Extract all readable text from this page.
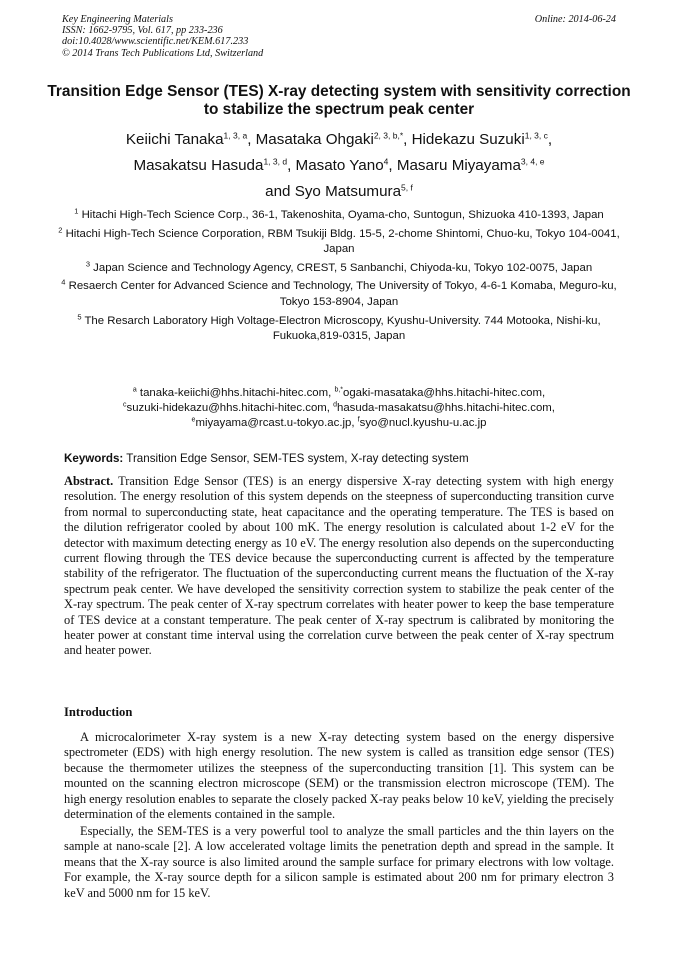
Key Engineering Materials
ISSN: 1662-9795, Vol. 617, pp 233-236
doi:10.4028/www.scientific.net/KEM.617.233
© 2014 Trans Tech Publications Ltd, Switzerland
Online: 2014-06-24
Transition Edge Sensor (TES) X-ray detecting system with sensitivity correction to stabilize the spectrum peak center
Keiichi Tanaka$^{1, 3, a}$, Masataka Ohgaki$^{2, 3, b,*}$, Hidekazu Suzuki$^{1, 3, c}$,
Masakatsu Hasuda$^{1, 3, d}$, Masato Yano$^4$, Masaru Miyayama$^{3, 4, e}$
and Syo Matsumura$^{5, f}$
$^1$ Hitachi High-Tech Science Corp., 36-1, Takenoshita, Oyama-cho, Suntogun, Shizuoka 410-1393, Japan
$^2$ Hitachi High-Tech Science Corporation, RBM Tsukiji Bldg. 15-5, 2-chome Shintomi, Chuo-ku, Tokyo 104-0041, Japan
$^3$ Japan Science and Technology Agency, CREST, 5 Sanbanchi, Chiyoda-ku, Tokyo 102-0075, Japan
$^4$ Resaerch Center for Advanced Science and Technology, The University of Tokyo, 4-6-1 Komaba, Meguro-ku, Tokyo 153-8904, Japan
$^5$ The Resarch Laboratory High Voltage-Electron Microscopy, Kyushu-University. 744 Motooka, Nishi-ku, Fukuoka,819-0315, Japan
$^a$ tanaka-keiichi@hhs.hitachi-hitec.com, $^{b,*}$ogaki-masataka@hhs.hitachi-hitec.com,
$^c$suzuki-hidekazu@hhs.hitachi-hitec.com, $^d$hasuda-masakatsu@hhs.hitachi-hitec.com,
$^e$miyayama@rcast.u-tokyo.ac.jp, $^f$syo@nucl.kyushu-u.ac.jp
Keywords: Transition Edge Sensor, SEM-TES system, X-ray detecting system

Abstract. Transition Edge Sensor (TES) is an energy dispersive X-ray detecting system with high energy resolution. The energy resolution of this system depends on the steepness of superconducting transition curve from normal to superconducting state, heat capacitance and the operating temperature. The TES is based on the dilution refrigerator cooled by about 100 mK. The energy resolution is calculated about 1-2 eV for the detector with maximum detecting energy as 10 eV. The energy resolution also depends on the superconducting current flowing through the TES device because the superconducting current is affected by the temperature stability of the refrigerator. The fluctuation of the superconducting current means the fluctuation of the X-ray spectrum peak center. We have developed the sensitivity correction system to stabilize the peak center of the X-ray spectrum. The peak center of X-ray spectrum correlates with heater power to keep the base temperature of TES device at a constant temperature. The peak center of X-ray spectrum is calibrated by monitoring the heater power at constant time interval using the correlation curve between the peak center of X-ray spectrum and heater power.

Introduction

A microcalorimeter X-ray system is a new X-ray detecting system based on the energy dispersive spectrometer (EDS) with high energy resolution. The new system is called as transition edge sensor (TES) because the thermometer utilizes the steepness of the superconducting transition [1]. This system can be mounted on the scanning electron microscope (SEM) or the transmission electron microscope (TEM). The high energy resolution enables to separate the closely packed X-ray peaks below 10 keV, yielding the precisely determination of the elements contained in the sample.

Especially, the SEM-TES is a very powerful tool to analyze the small particles and the thin layers on the sample at nano-scale [2]. A low accelerated voltage limits the penetration depth and spread in the sample. It means that the X-ray source is also limited around the sample surface for primary electrons with low voltage. For example, the X-ray source depth for a silicon sample is estimated about 200 nm for primary electron 3 keV and 5000 nm for 15 keV.
